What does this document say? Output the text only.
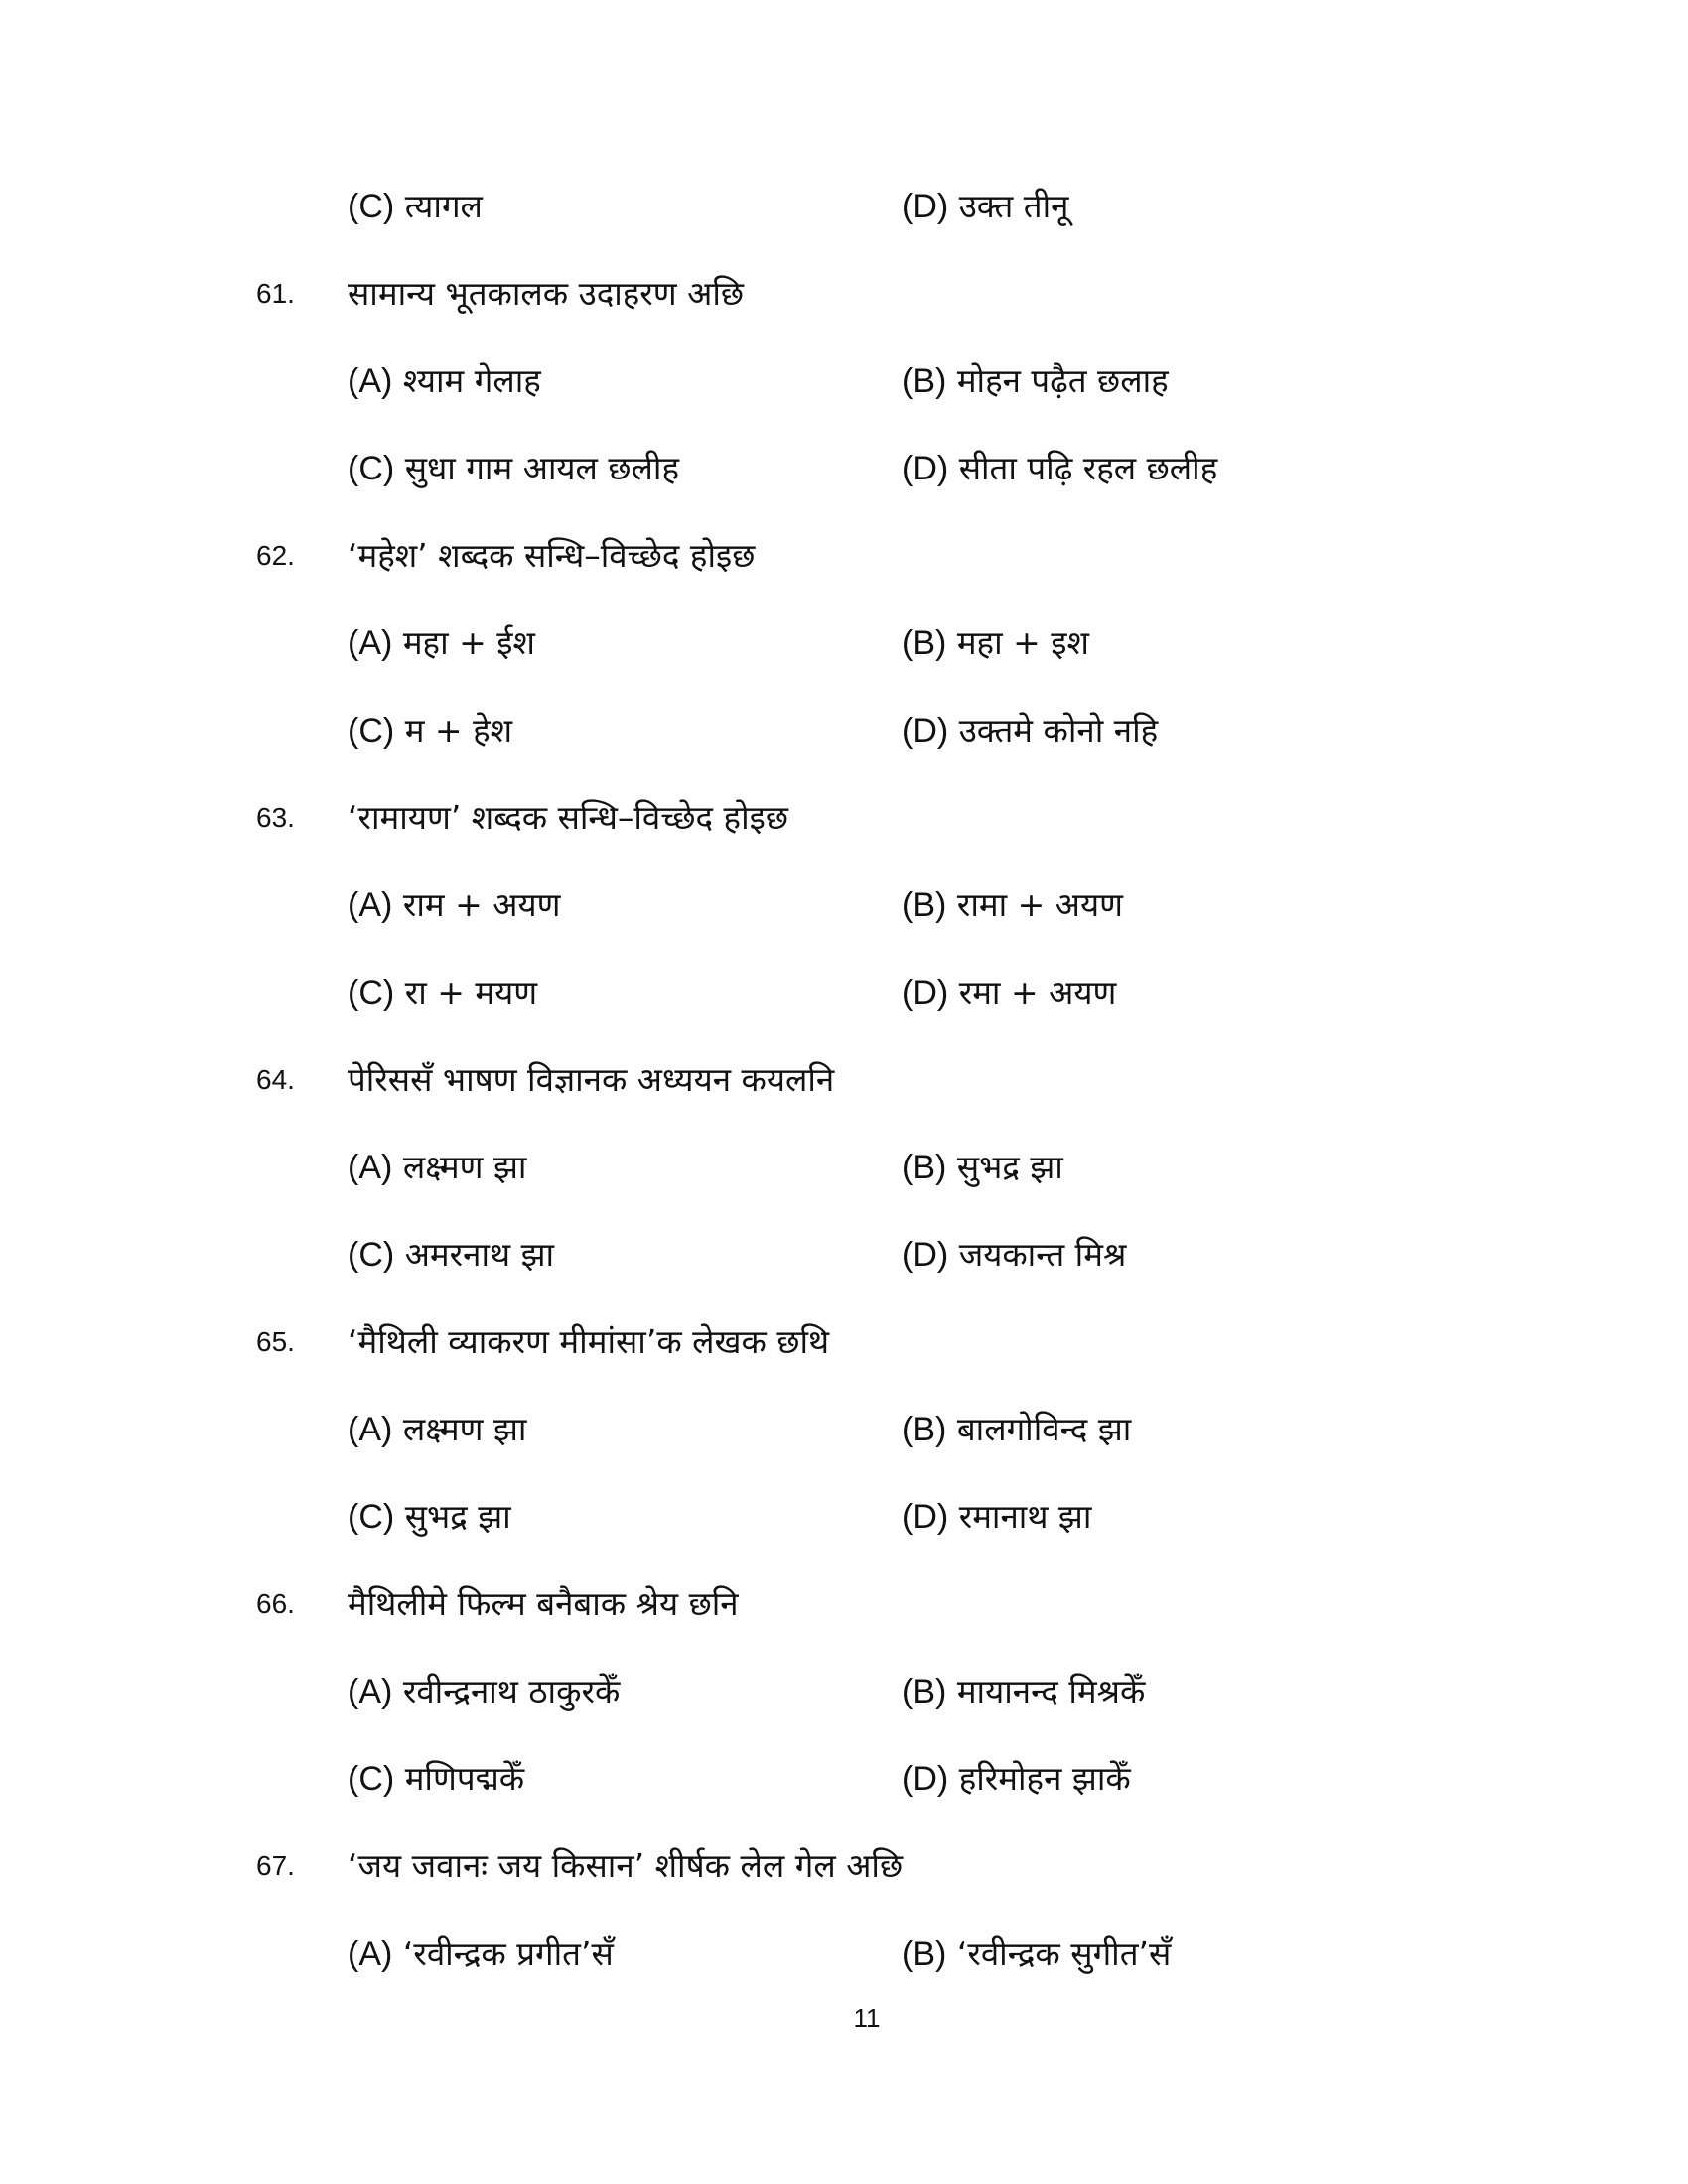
(C) त्यागल	(D) उक्त तीनू
61. सामान्य भूतकालक उदाहरण अछि
(A) श्याम गेलाह	(B) मोहन पढ़ैत छलाह
(C) सुधा गाम आयल छलीह	(D) सीता पढ़ि रहल छलीह
62. ‘महेश’ शब्दक सन्धि–विच्छेद होइछ
(A) महा + ईश	(B) महा + इश
(C) म + हेश	(D) उक्तमे कोनो नहि
63. ‘रामायण’ शब्दक सन्धि–विच्छेद होइछ
(A) राम + अयण	(B) रामा + अयण
(C) रा + मयण	(D) रमा + अयण
64. पेरिससँ भाषण विज्ञानक अध्ययन कयलनि
(A) लक्ष्मण झा	(B) सुभद्र झा
(C) अमरनाथ झा	(D) जयकान्त मिश्र
65. ‘मैथिली व्याकरण मीमांसा’क लेखक छथि
(A) लक्ष्मण झा	(B) बालगोविन्द झा
(C) सुभद्र झा	(D) रमानाथ झा
66. मैथिलीमे फिल्म बनैबाक श्रेय छनि
(A) रवीन्द्रनाथ ठाकुरकेँ	(B) मायानन्द मिश्रकेँ
(C) मणिपद्मकेँ	(D) हरिमोहन झाकेँ
67. ‘जय जवानः जय किसान’ शीर्षक लेल गेल अछि
(A) ‘रवीन्द्रक प्रगीत’सँ	(B) ‘रवीन्द्रक सुगीत’सँ
11
